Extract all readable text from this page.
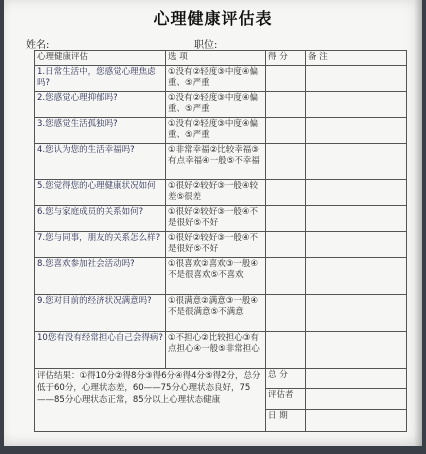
心理健康评估表
姓名:	职位:
心理健康评估	选 项	得 分	备 注
1.日常生活中，您感觉心理焦虑吗?	①没有②轻度③中度④偏重、⑤严重		
2.您感觉心理抑郁吗?	①没有②轻度③中度④偏重、⑤严重		
3.您感觉生活孤独吗?	①没有②轻度③中度④偏重、⑤严重		
4.您认为您的生活幸福吗?	①非常幸福②比较幸福③有点幸福④一般⑤不幸福		
5.您觉得您的心理健康状况如何	①很好②较好③一般④较差⑤很差		
6.您与家庭成员的关系如何?	①很好②较好③一般④不是很好⑤不好		
7.您与同事，朋友的关系怎么样?	①很好②较好③一般④不是很好⑤不好		
8.您喜欢参加社会活动吗?	①很喜欢②喜欢③一般④不是很喜欢⑤不喜欢		
9.您对目前的经济状况满意吗?	①很满意②满意③一般④不是很满意⑤不满意		
10您有没有经常担心自己会得病?	①不担心②比较担心③有点担心④一般⑤非常担心		
评估结果：①得10分②得8分③得6分④得4分⑤得2分，总分低于60分，心理状态差，60——75分心理状态良好，75——85分心理状态正常，85分以上心理状态健康		总 分	
		评估者	
		日 期	
